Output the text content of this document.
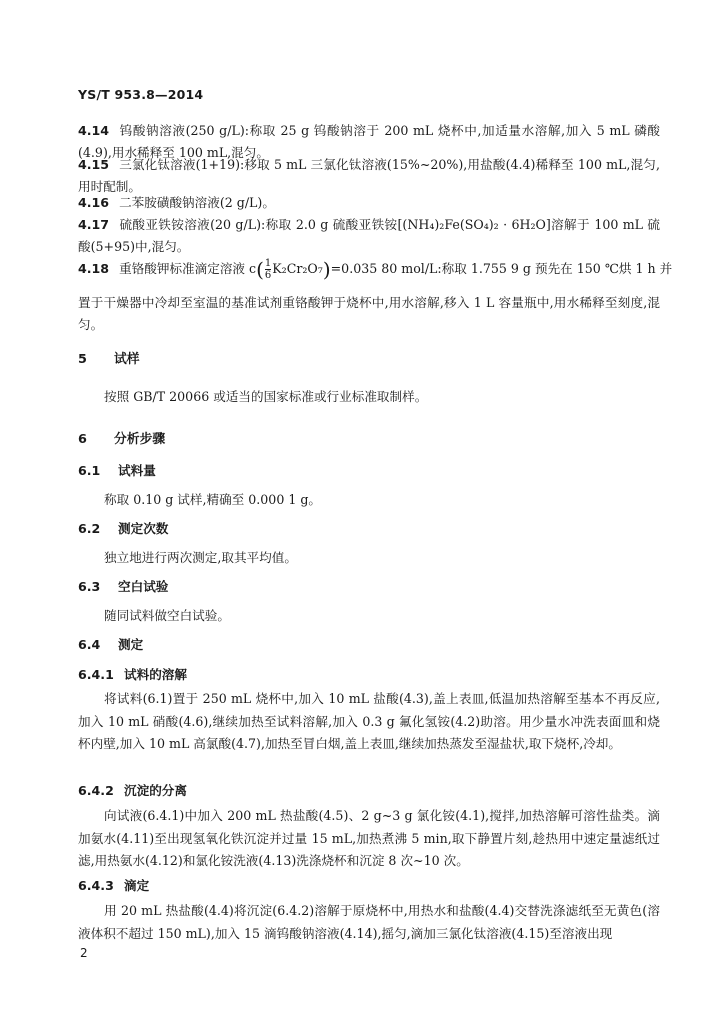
YS/T 953.8—2014
4.14 钨酸钠溶液(250 g/L):称取 25 g 钨酸钠溶于 200 mL 烧杯中,加适量水溶解,加入 5 mL 磷酸(4.9),用水稀释至 100 mL,混匀。
4.15 三氯化钛溶液(1+19):移取 5 mL 三氯化钛溶液(15%~20%),用盐酸(4.4)稀释至 100 mL,混匀,用时配制。
4.16 二苯胺磺酸钠溶液(2 g/L)。
4.17 硫酸亚铁铵溶液(20 g/L):称取 2.0 g 硫酸亚铁铵[(NH₄)₂Fe(SO₄)₂ · 6H₂O]溶解于 100 mL 硫酸(5+95)中,混匀。
4.18 重铬酸钾标准滴定溶液 $c( \frac{1}{6} K_2Cr_2O_7)=0.035$ 80 mol/L:称取 1.755 9 g 预先在 150 ℃烘 1 h 并
置于干燥器中冷却至室温的基准试剂重铬酸钾于烧杯中,用水溶解,移入 1 L 容量瓶中,用水稀释至刻度,混匀。
5 试样
按照 GB/T 20066 或适当的国家标准或行业标准取制样。
6 分析步骤
6.1 试料量
称取 0.10 g 试样,精确至 0.000 1 g。
6.2 测定次数
独立地进行两次测定,取其平均值。
6.3 空白试验
随同试料做空白试验。
6.4 测定
6.4.1 试料的溶解
将试料(6.1)置于 250 mL 烧杯中,加入 10 mL 盐酸(4.3),盖上表皿,低温加热溶解至基本不再反应,加入 10 mL 硝酸(4.6),继续加热至试料溶解,加入 0.3 g 氟化氢铵(4.2)助溶。用少量水冲洗表面皿和烧杯内壁,加入 10 mL 高氯酸(4.7),加热至冒白烟,盖上表皿,继续加热蒸发至湿盐状,取下烧杯,冷却。
6.4.2 沉淀的分离
向试液(6.4.1)中加入 200 mL 热盐酸(4.5)、2 g~3 g 氯化铵(4.1),搅拌,加热溶解可溶性盐类。滴加氨水(4.11)至出现氢氧化铁沉淀并过量 15 mL,加热煮沸 5 min,取下静置片刻,趁热用中速定量滤纸过滤,用热氨水(4.12)和氯化铵洗液(4.13)洗涤烧杯和沉淀 8 次~10 次。
6.4.3 滴定
用 20 mL 热盐酸(4.4)将沉淀(6.4.2)溶解于原烧杯中,用热水和盐酸(4.4)交替洗涤滤纸至无黄色(溶液体积不超过 150 mL),加入 15 滴钨酸钠溶液(4.14),摇匀,滴加三氯化钛溶液(4.15)至溶液出现
2
